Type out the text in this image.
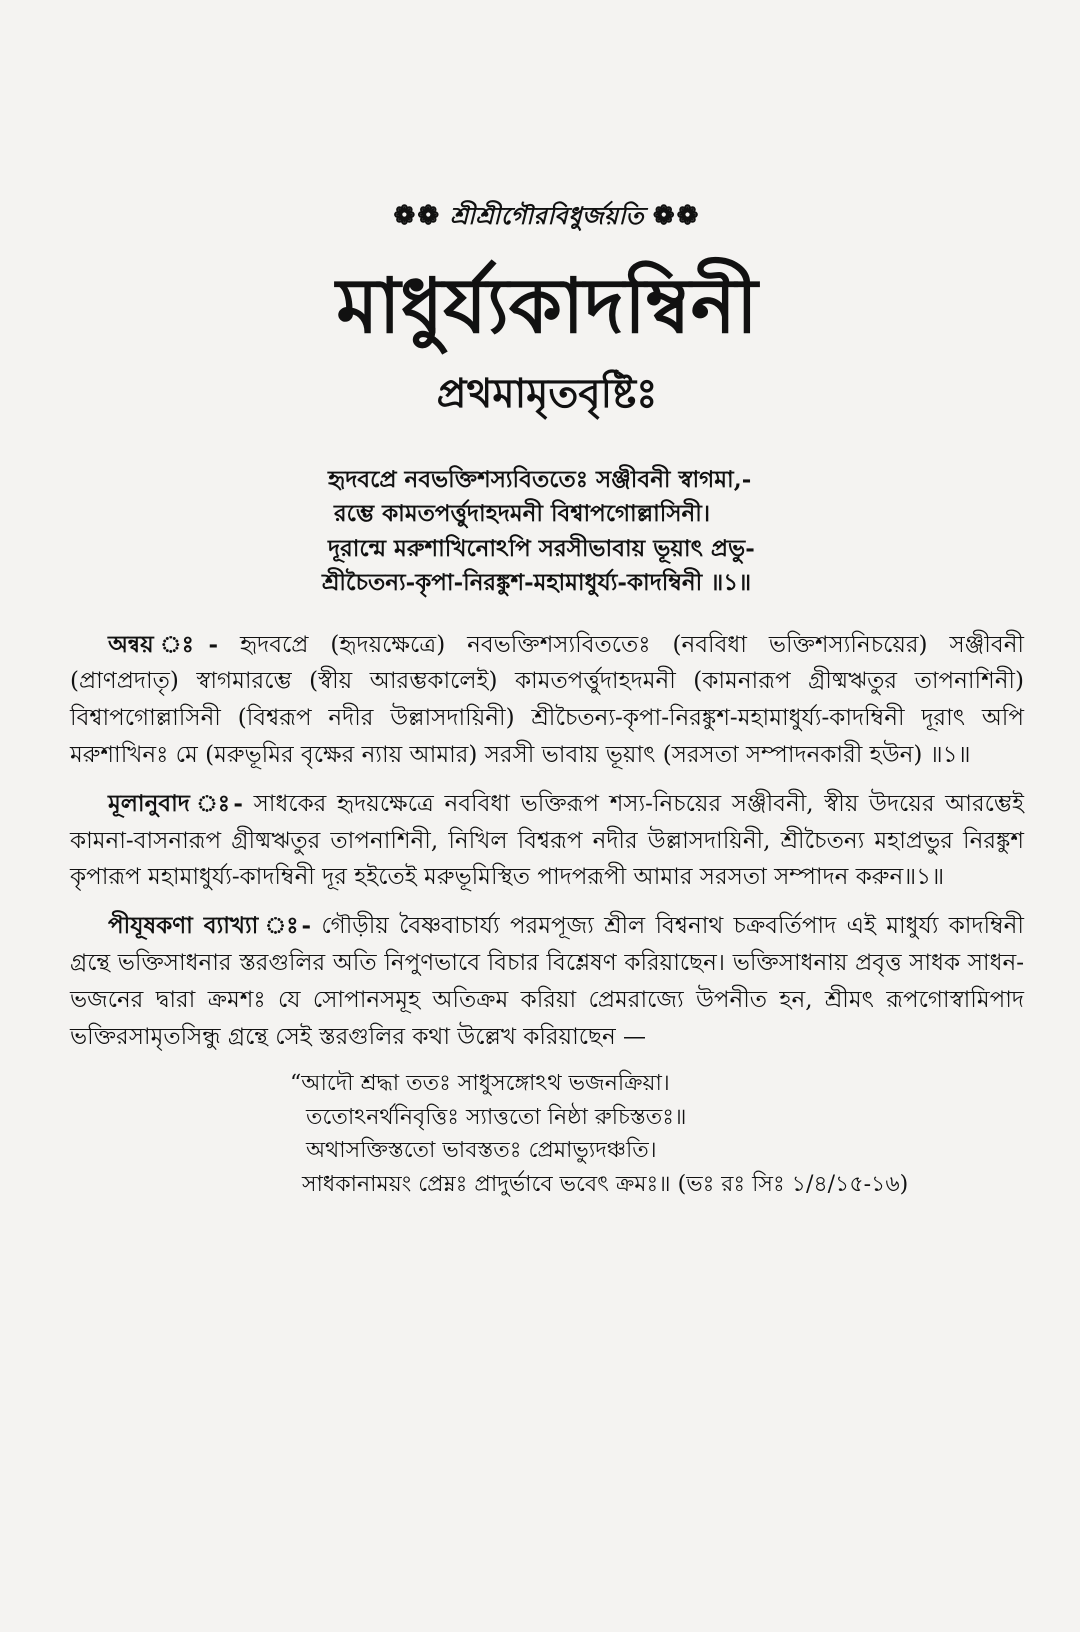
❁❁ শ্রীশ্রীগৌরবিধুর্জয়তি ❁❁
মাধুর্য্যকাদম্বিনী
প্রথমামৃতবৃষ্টিঃ
হৃদবপ্রে নবভক্তিশস্যবিততেঃ সঞ্জীবনী স্বাগমা,-
রম্ভে কামতপর্ত্তুদাহদমনী বিশ্বাপগোল্লাসিনী।
দূরান্মে মরুশাখিনোঽপি সরসীভাবায় ভূয়াৎ প্রভু-
শ্রীচৈতন্য-কৃপা-নিরঙ্কুশ-মহামাধুর্য্য-কাদম্বিনী ॥১॥

অন্বয় ঃ- হৃদবপ্রে (হৃদয়ক্ষেত্রে) নবভক্তিশস্যবিততেঃ (নববিধা ভক্তিশস্যনিচয়ের) সঞ্জীবনী (প্রাণপ্রদাতৃ) স্বাগমারম্ভে (স্বীয় আরম্ভকালেই) কামতপর্ত্তুদাহদমনী (কামনারূপ গ্রীষ্মঋতুর তাপনাশিনী) বিশ্বাপগোল্লাসিনী (বিশ্বরূপ নদীর উল্লাসদায়িনী) শ্রীচৈতন্য-কৃপা-নিরঙ্কুশ-মহামাধুর্য্য-কাদম্বিনী দূরাৎ অপি মরুশাখিনঃ মে (মরুভূমির বৃক্ষের ন্যায় আমার) সরসী ভাবায় ভূয়াৎ (সরসতা সম্পাদনকারী হউন) ॥১॥

মূলানুবাদ ঃ- সাধকের হৃদয়ক্ষেত্রে নববিধা ভক্তিরূপ শস্য-নিচয়ের সঞ্জীবনী, স্বীয় উদয়ের আরম্ভেই কামনা-বাসনারূপ গ্রীষ্মঋতুর তাপনাশিনী, নিখিল বিশ্বরূপ নদীর উল্লাসদায়িনী, শ্রীচৈতন্য মহাপ্রভুর নিরঙ্কুশ কৃপারূপ মহামাধুর্য্য-কাদম্বিনী দূর হইতেই মরুভূমিস্থিত পাদপরূপী আমার সরসতা সম্পাদন করুন॥১॥

পীযূষকণা ব্যাখ্যা ঃ- গৌড়ীয় বৈষ্ণবাচার্য্য পরমপূজ্য শ্রীল বিশ্বনাথ চক্রবর্তিপাদ এই মাধুর্য্য কাদম্বিনী গ্রন্থে ভক্তিসাধনার স্তরগুলির অতি নিপুণভাবে বিচার বিশ্লেষণ করিয়াছেন। ভক্তিসাধনায় প্রবৃত্ত সাধক সাধন-ভজনের দ্বারা ক্রমশঃ যে সোপানসমূহ অতিক্রম করিয়া প্রেমরাজ্যে উপনীত হন, শ্রীমৎ রূপগোস্বামিপাদ ভক্তিরসামৃতসিন্ধু গ্রন্থে সেই স্তরগুলির কথা উল্লেখ করিয়াছেন —

“আদৌ শ্রদ্ধা ততঃ সাধুসঙ্গোঽথ ভজনক্রিয়া।
ততোঽনর্থনিবৃত্তিঃ স্যাত্ততো নিষ্ঠা রুচিস্ততঃ॥
অথাসক্তিস্ততো ভাবস্ততঃ প্রেমাভ্যুদঞ্চতি।
সাধকানাময়ং প্রেম্নঃ প্রাদুর্ভাবে ভবেৎ ক্রমঃ॥ (ভঃ রঃ সিঃ ১/৪/১৫-১৬)
